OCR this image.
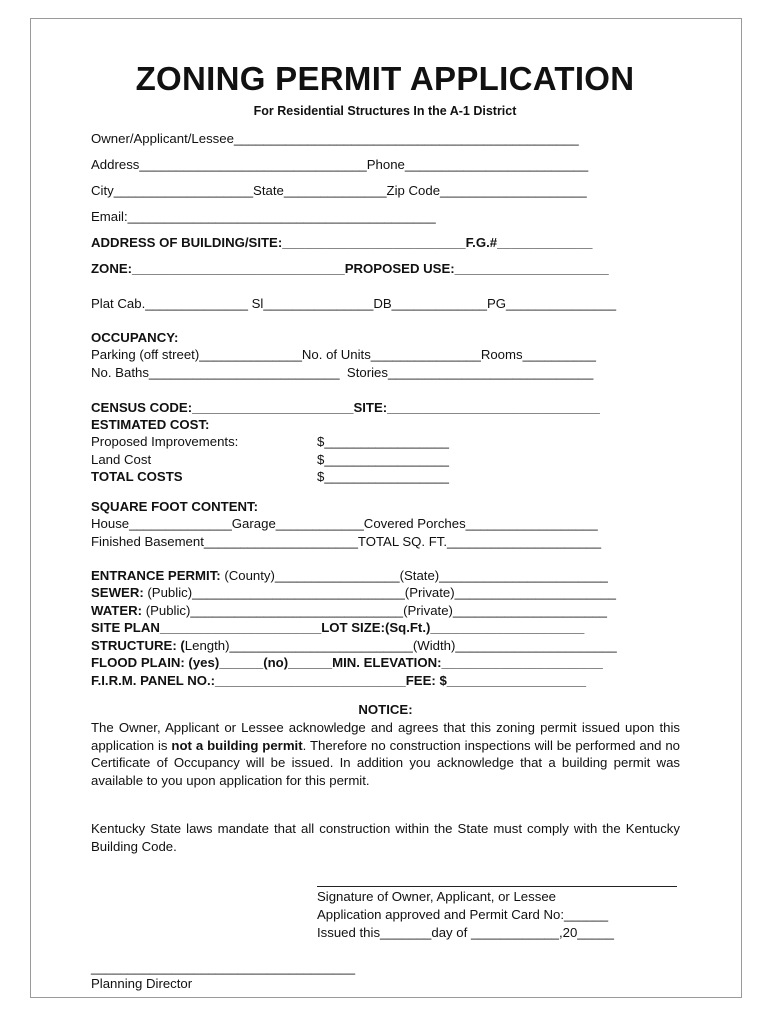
ZONING PERMIT APPLICATION
For Residential Structures In the A-1 District
Owner/Applicant/Lessee_______________________________________________
Address_______________________________Phone_________________________
City___________________State______________Zip Code____________________
Email:__________________________________________
ADDRESS OF BUILDING/SITE:_________________________F.G.#_____________
ZONE:_____________________________PROPOSED USE:_____________________
Plat Cab.______________ Sl_______________DB_____________PG_______________
OCCUPANCY:
Parking (off street)______________No. of Units_______________Rooms__________
No. Baths__________________________  Stories____________________________
CENSUS CODE:______________________SITE:_____________________________
ESTIMATED COST:
Proposed Improvements:	$_________________
Land Cost	$_________________
TOTAL COSTS	$_________________
SQUARE FOOT CONTENT:
House______________Garage____________Covered Porches__________________
Finished Basement_____________________TOTAL SQ. FT._____________________
ENTRANCE PERMIT: (County)_________________(State)_______________________
SEWER: (Public)_____________________________(Private)______________________
WATER: (Public)_____________________________(Private)_____________________
SITE PLAN______________________LOT SIZE:(Sq.Ft.)_____________________
STRUCTURE: (Length)_________________________(Width)______________________
FLOOD PLAIN: (yes)______(no)______MIN. ELEVATION:______________________
F.I.R.M. PANEL NO.:__________________________FEE: $___________________
NOTICE:
The Owner, Applicant or Lessee acknowledge and agrees that this zoning permit issued upon this application is not a building permit. Therefore no construction inspections will be performed and no Certificate of Occupancy will be issued. In addition you acknowledge that a building permit was available to you upon application for this permit.
Kentucky State laws mandate that all construction within the State must comply with the Kentucky Building Code.
Signature of Owner, Applicant, or Lessee
Application approved and Permit Card No:______
Issued this_______day of ____________,20_____
____________________________________
Planning Director
